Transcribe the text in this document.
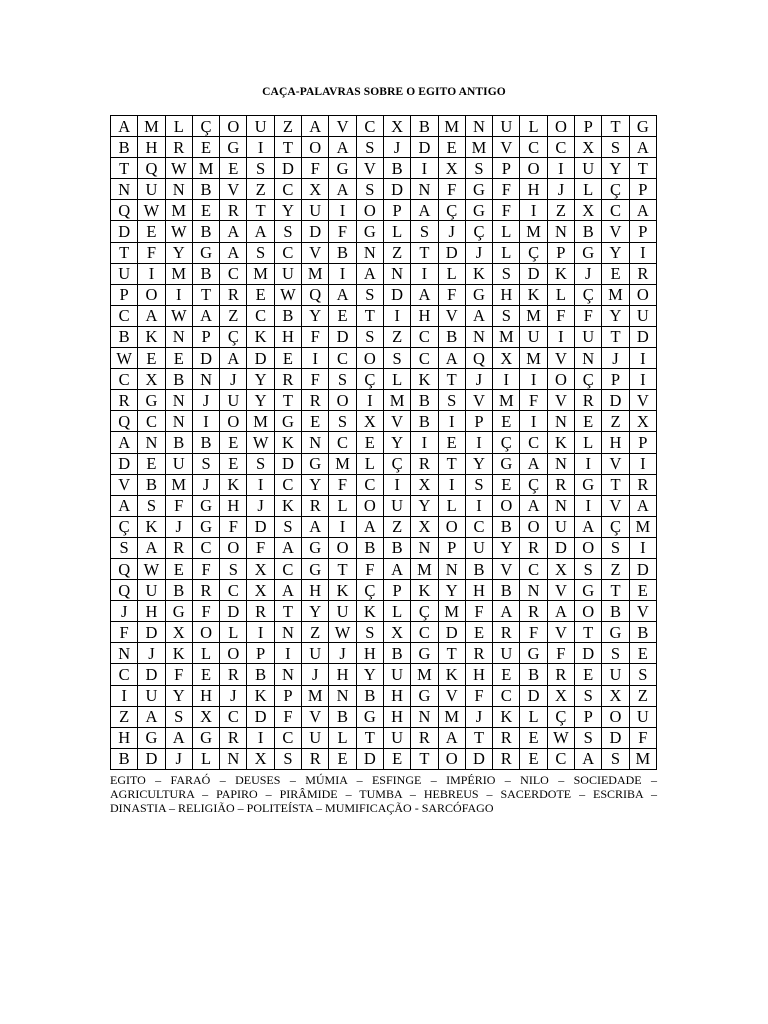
CAÇA-PALAVRAS SOBRE O EGITO ANTIGO
A	M	L	Ç	O	U	Z	A	V	C	X	B	M	N	U	L	O	P	T	G
B	H	R	E	G	I	T	O	A	S	J	D	E	M	V	C	C	X	S	A
T	Q	W	M	E	S	D	F	G	V	B	I	X	S	P	O	I	U	Y	T
N	U	N	B	V	Z	C	X	A	S	D	N	F	G	F	H	J	L	Ç	P
Q	W	M	E	R	T	Y	U	I	O	P	A	Ç	G	F	I	Z	X	C	A
D	E	W	B	A	A	S	D	F	G	L	S	J	Ç	L	M	N	B	V	P
T	F	Y	G	A	S	C	V	B	N	Z	T	D	J	L	Ç	P	G	Y	I
U	I	M	B	C	M	U	M	I	A	N	I	L	K	S	D	K	J	E	R
P	O	I	T	R	E	W	Q	A	S	D	A	F	G	H	K	L	Ç	M	O
C	A	W	A	Z	C	B	Y	E	T	I	H	V	A	S	M	F	F	Y	U
B	K	N	P	Ç	K	H	F	D	S	Z	C	B	N	M	U	I	U	T	D
W	E	E	D	A	D	E	I	C	O	S	C	A	Q	X	M	V	N	J	I
C	X	B	N	J	Y	R	F	S	Ç	L	K	T	J	I	I	O	Ç	P	I
R	G	N	J	U	Y	T	R	O	I	M	B	S	V	M	F	V	R	D	V
Q	C	N	I	O	M	G	E	S	X	V	B	I	P	E	I	N	E	Z	X
A	N	B	B	E	W	K	N	C	E	Y	I	E	I	Ç	C	K	L	H	P
D	E	U	S	E	S	D	G	M	L	Ç	R	T	Y	G	A	N	I	V	I
V	B	M	J	K	I	C	Y	F	C	I	X	I	S	E	Ç	R	G	T	R
A	S	F	G	H	J	K	R	L	O	U	Y	L	I	O	A	N	I	V	A
Ç	K	J	G	F	D	S	A	I	A	Z	X	O	C	B	O	U	A	Ç	M
S	A	R	C	O	F	A	G	O	B	B	N	P	U	Y	R	D	O	S	I
Q	W	E	F	S	X	C	G	T	F	A	M	N	B	V	C	X	S	Z	D
Q	U	B	R	C	X	A	H	K	Ç	P	K	Y	H	B	N	V	G	T	E
J	H	G	F	D	R	T	Y	U	K	L	Ç	M	F	A	R	A	O	B	V
F	D	X	O	L	I	N	Z	W	S	X	C	D	E	R	F	V	T	G	B
N	J	K	L	O	P	I	U	J	H	B	G	T	R	U	G	F	D	S	E
C	D	F	E	R	B	N	J	H	Y	U	M	K	H	E	B	R	E	U	S
I	U	Y	H	J	K	P	M	N	B	H	G	V	F	C	D	X	S	X	Z
Z	A	S	X	C	D	F	V	B	G	H	N	M	J	K	L	Ç	P	O	U
H	G	A	G	R	I	C	U	L	T	U	R	A	T	R	E	W	S	D	F
B	D	J	L	N	X	S	R	E	D	E	T	O	D	R	E	C	A	S	M
EGITO – FARAÓ – DEUSES – MÚMIA – ESFINGE – IMPÉRIO – NILO – SOCIEDADE –
AGRICULTURA – PAPIRO – PIRÂMIDE – TUMBA – HEBREUS – SACERDOTE – ESCRIBA –
DINASTIA – RELIGIÃO – POLITEÍSTA – MUMIFICAÇÃO - SARCÓFAGO
